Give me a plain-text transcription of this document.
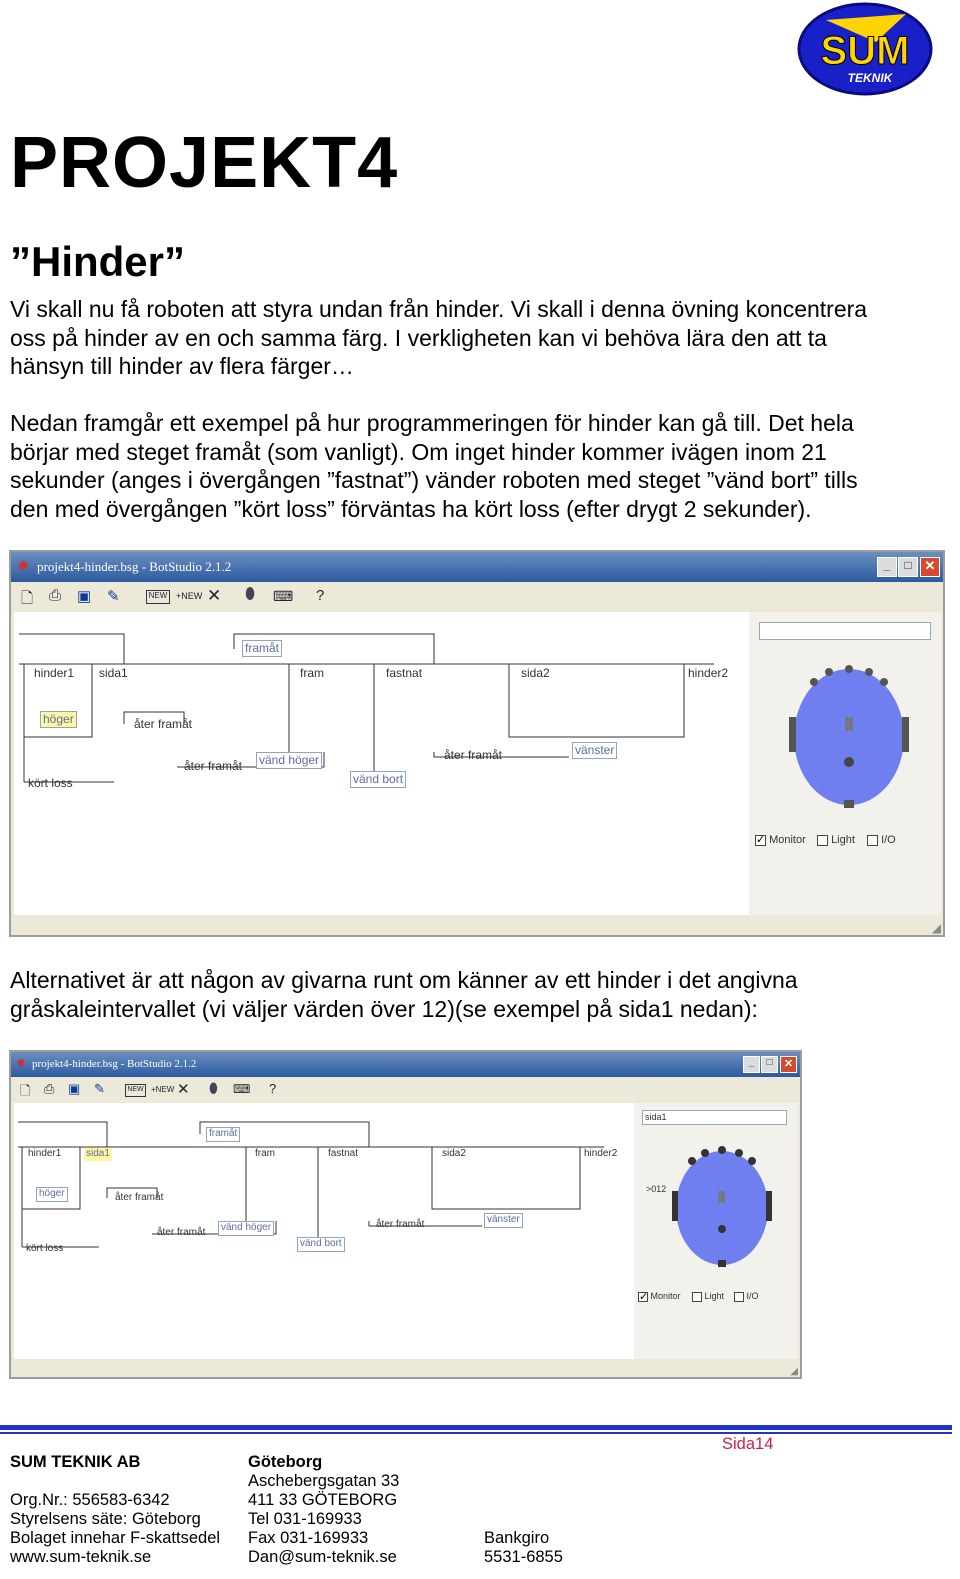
SUM
TEKNIK
PROJEKT4
”Hinder”

Vi skall nu få roboten att styra undan från hinder. Vi skall i denna övning koncentrera

oss på hinder av en och samma färg. I verkligheten kan vi behöva lära den att ta

hänsyn till hinder av flera färger…

Nedan framgår ett exempel på hur programmeringen för hinder kan gå till. Det hela

börjar med steget framåt (som vanligt). Om inget hinder kommer ivägen inom 21

sekunder (anges i övergången ”fastnat”) vänder roboten med steget ”vänd bort” tills

den med övergången ”kört loss” förväntas ha kört loss (efter drygt 2 sekunder).

✸ projekt4-hinder.bsg - BotStudio 2.1.2	_	□ ✕
🗋 ⎙ ▣ ✎	NEW +NEW ✕ ⬮ ⌨ ?
framåt
hinder1 sida1	fram	fastnat	sida2	hinder2
höger	åter framåt
åter framåt vänd höger	åter framåt	vänster
vänd bort
kört loss
✓ Monitor	Light	I/O
◢

Alternativet är att någon av givarna runt om känner av ett hinder i det angivna

gråskaleintervallet (vi väljer värden över 12)(se exempel på sida1 nedan):

✸ projekt4-hinder.bsg - BotStudio 2.1.2	_	□	✕
🗋 ⎙ ▣ ✎	NEW +NEW ✕ ⬮ ⌨ ?
framåt
hinder1 sida1	fram	fastnat	sida2	hinder2
höger	åter framåt
åter framåt	vänd höger	åter framåt	vänster
vänd bort
kört loss
sida1
>012
✓ Monitor	Light	I/O
◢
Sida14
SUM TEKNIK AB
Org.Nr.: 556583-6342
Styrelsens säte: Göteborg
Bolaget innehar F-skattsedel
www.sum-teknik.se
Göteborg
Aschebergsgatan 33
411 33 GÖTEBORG
Tel 031-169933
Fax 031-169933
Dan@sum-teknik.se
Bankgiro
5531-6855
